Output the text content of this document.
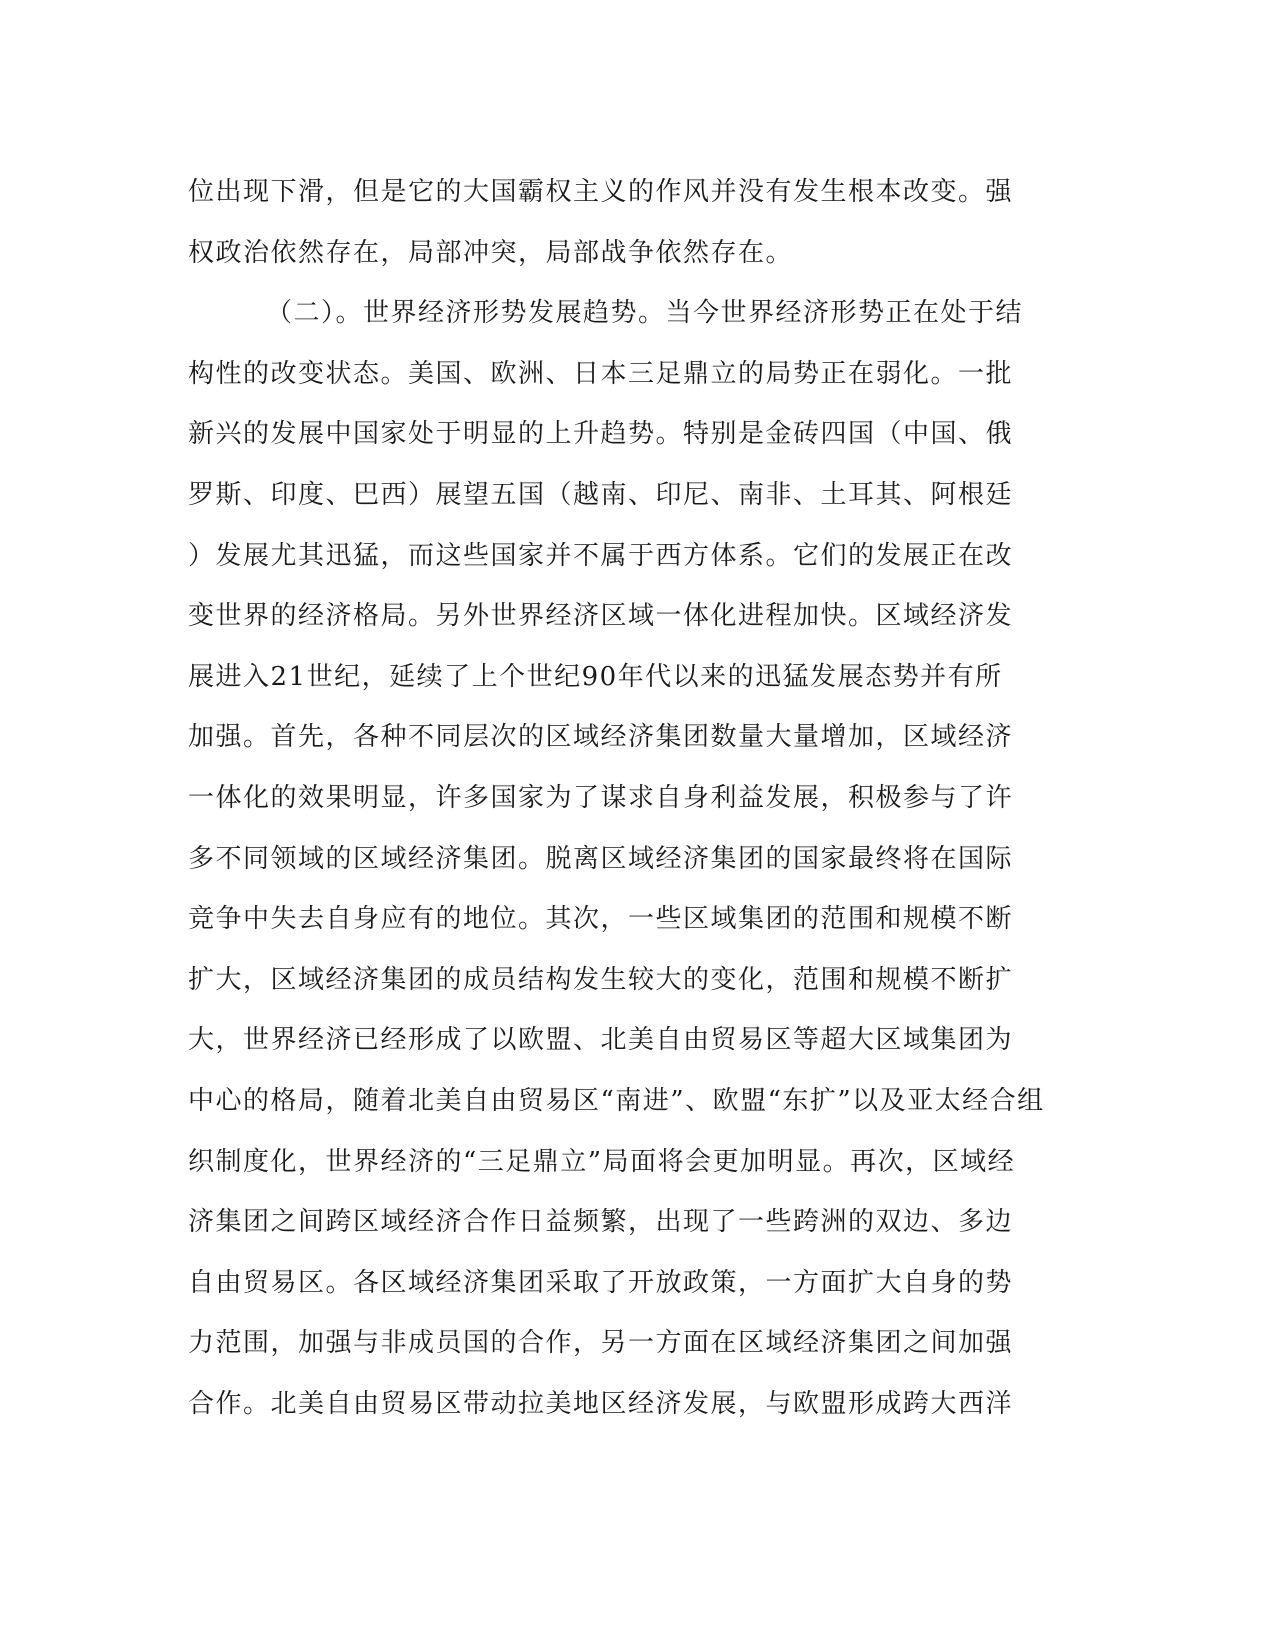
位出现下滑，但是它的大国霸权主义的作风并没有发生根本改变。强
权政治依然存在，局部冲突，局部战争依然存在。
（二）。世界经济形势发展趋势。当今世界经济形势正在处于结
构性的改变状态。美国、欧洲、日本三足鼎立的局势正在弱化。一批
新兴的发展中国家处于明显的上升趋势。特别是金砖四国（中国、俄
罗斯、印度、巴西）展望五国（越南、印尼、南非、土耳其、阿根廷
）发展尤其迅猛，而这些国家并不属于西方体系。它们的发展正在改
变世界的经济格局。另外世界经济区域一体化进程加快。区域经济发
展进入21世纪，延续了上个世纪90年代以来的迅猛发展态势并有所
加强。首先，各种不同层次的区域经济集团数量大量增加，区域经济
一体化的效果明显，许多国家为了谋求自身利益发展，积极参与了许
多不同领域的区域经济集团。脱离区域经济集团的国家最终将在国际
竞争中失去自身应有的地位。其次，一些区域集团的范围和规模不断
扩大，区域经济集团的成员结构发生较大的变化，范围和规模不断扩
大，世界经济已经形成了以欧盟、北美自由贸易区等超大区域集团为
中心的格局，随着北美自由贸易区“南进”、欧盟“东扩”以及亚太经合组
织制度化，世界经济的“三足鼎立”局面将会更加明显。再次，区域经
济集团之间跨区域经济合作日益频繁，出现了一些跨洲的双边、多边
自由贸易区。各区域经济集团采取了开放政策，一方面扩大自身的势
力范围，加强与非成员国的合作，另一方面在区域经济集团之间加强
合作。北美自由贸易区带动拉美地区经济发展，与欧盟形成跨大西洋
